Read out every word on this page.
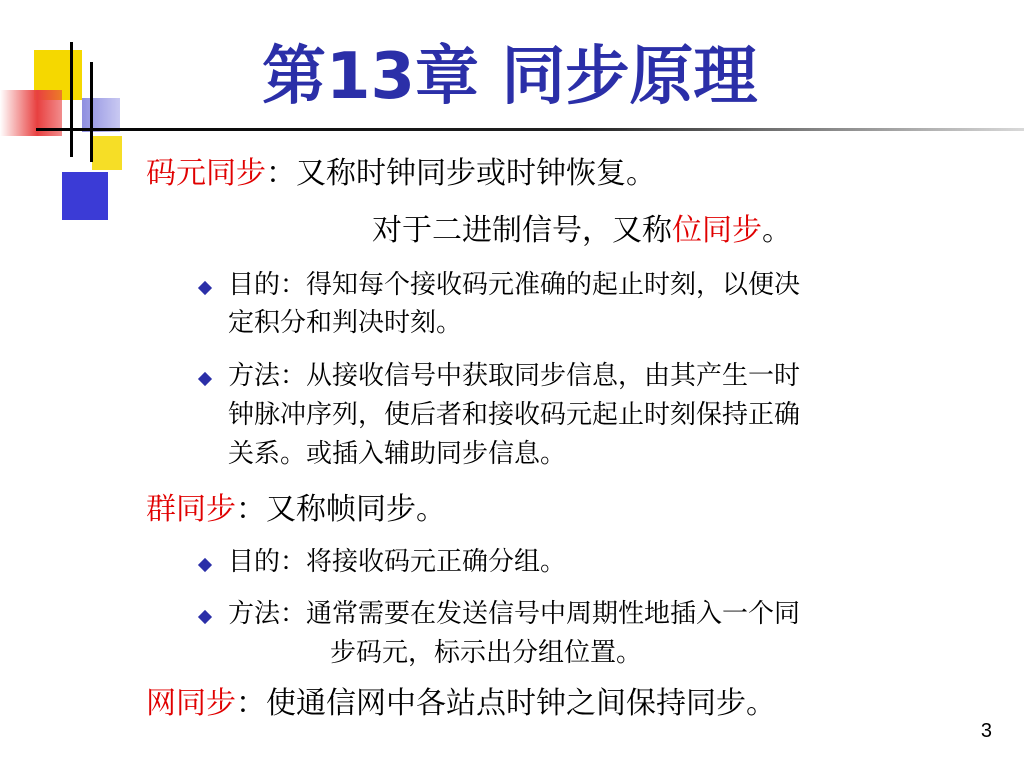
第13章 同步原理
码元同步：又称时钟同步或时钟恢复。
对于二进制信号，又称位同步。
目的：得知每个接收码元准确的起止时刻，以便决
定积分和判决时刻。
方法：从接收信号中获取同步信息，由其产生一时
钟脉冲序列，使后者和接收码元起止时刻保持正确
关系。或插入辅助同步信息。
群同步：又称帧同步。
目的：将接收码元正确分组。
方法：通常需要在发送信号中周期性地插入一个同
步码元，标示出分组位置。
网同步：使通信网中各站点时钟之间保持同步。
3
